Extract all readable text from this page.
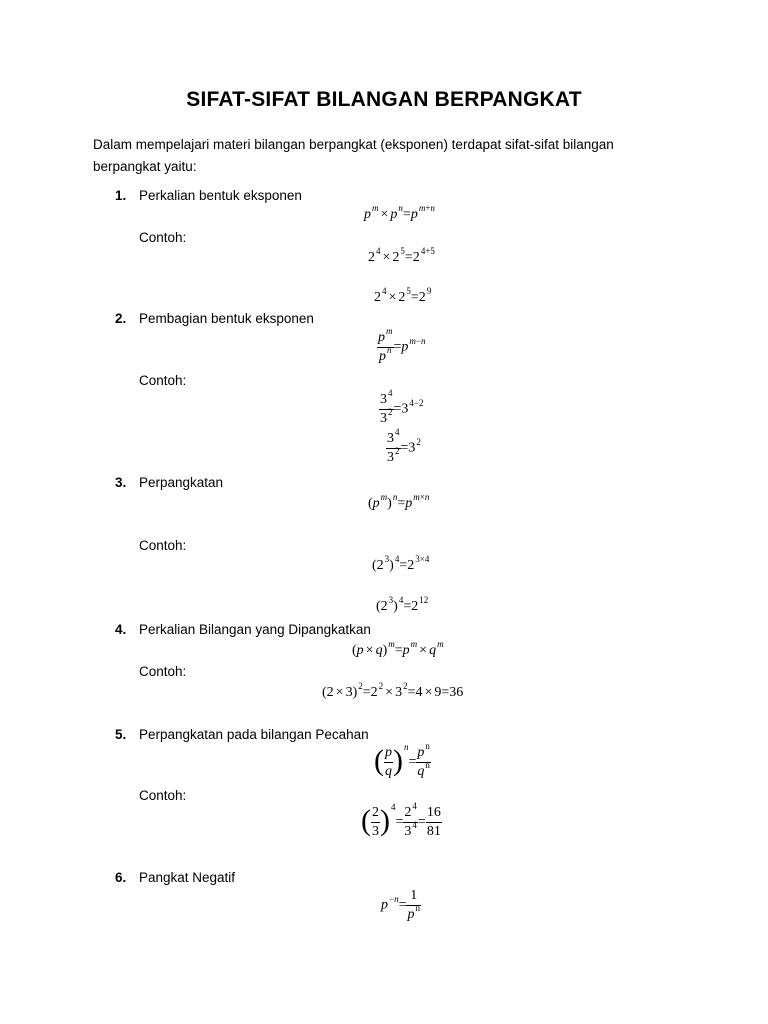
SIFAT-SIFAT BILANGAN BERPANGKAT
Dalam mempelajari materi bilangan berpangkat (eksponen) terdapat sifat-sifat bilangan berpangkat yaitu:
1. Perkalian bentuk eksponen
$p^m \times p^n=p^{m+n}$
Contoh:
$2^4 \times 2^5=2^{4+5}$
$2^4 \times 2^5=2^9$
2. Pembagian bentuk eksponen
$\frac{p^m}{p^n} =p^{m-n}$
Contoh:
$\frac{3^4}{3^2} =3^{4-2}$
$\frac{3^4}{3^2} =3^2$
3. Perpangkatan
$(p^m)^n=p^{m\times n}$
Contoh:
$(2^3)^4=2^{3\times 4}$
$(2^3)^4=2^{12}$
4. Perkalian Bilangan yang Dipangkatkan
$(p \times q)^m=p^m \times q^m$
Contoh:
$(2 \times 3)^2=2^2 \times 3^2=4 \times 9=36$
5. Perpangkatan pada bilangan Pecahan
( $\frac{p}{q} )^n= \frac{p^n}{q^n}$
Contoh:
( $\frac{2}{3} )^4= \frac{2^4}{3^4} = \frac{16}{81}$
6. Pangkat Negatif
$p^{-n}= \frac{1}{p^n}$
